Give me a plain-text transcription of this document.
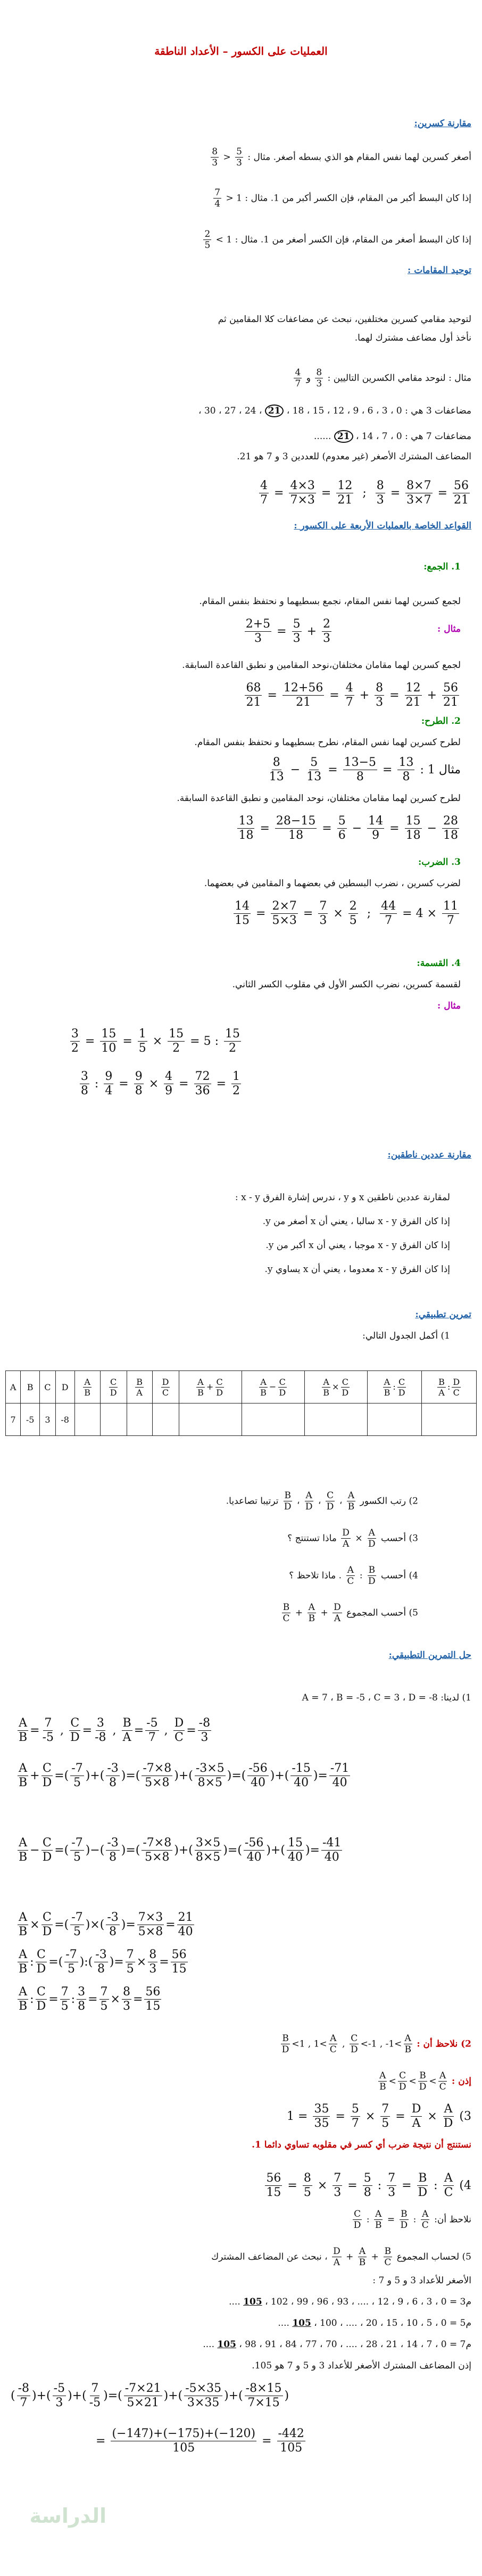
العمليات على الكسور – الأعداد الناطقة
مقارنة كسرين:
أصغر كسرين لهما نفس المقام هو الذي بسطه أصغر. مثال :
$\frac{5}{3}$
<
$\frac{8}{3}$
إذا كان البسط أكبر من المقام، فإن الكسر أكبر من 1. مثال : 1 <
$\frac{7}{4}$
إذا كان البسط أصغر من المقام، فإن الكسر أصغر من 1. مثال : 1 >
$\frac{2}{5}$
توحيد المقامات :
لتوحيد مقامي كسرين مختلفين، نبحث عن مضاعفات كلا المقامين ثم
نأخذ أول مضاعف مشترك لهما.
مثال : لنوحد مقامي الكسرين التاليين :
$\frac{8}{3}$
و
$\frac{4}{7}$
مضاعفات 3 هي : 0 ، 3 ، 6 ، 9 ، 12 ، 15 ، 18 ، 21 ، 24 ، 27 ، 30 ،
مضاعفات 7 هي : 0 ، 7 ، 14 ، 21 ......
المضاعف المشترك الأصغر (غير معدوم) للعددين 3 و 7 هو 21.
$\frac{4}{7} = \frac{4\times 3}{7\times 3} = \frac{12}{21}$ ; $\frac{8}{3} = \frac{8\times 7}{3\times 7} = \frac{56}{21}$
القواعد الخاصة بالعمليات الأربعة على الكسور :
1. الجمع:
لجمع كسرين لهما نفس المقام، نجمع بسطيهما و نحتفظ بنفس المقام.
$\frac{2+5}{3} = \frac{5}{3} + \frac{2}{3}$	مثال :
لجمع كسرين لهما مقامان مختلفان،نوحد المقامين و نطبق القاعدة السابقة.
$\frac{68}{21} = \frac{12+56}{21} = \frac{4}{7} + \frac{8}{3} = \frac{12}{21} + \frac{56}{21}$
2. الطرح:
لطرح كسرين لهما نفس المقام، نطرح بسطيهما و نحتفظ بنفس المقام.
$\frac{8}{13} - \frac{5}{13} = \frac{13-5}{8} = \frac{13}{8}$ : 1 مثال
لطرح كسرين لهما مقامان مختلفان، نوحد المقامين و نطبق القاعدة السابقة.
$\frac{13}{18} = \frac{28-15}{18} = \frac{5}{6} - \frac{14}{9} = \frac{15}{18} - \frac{28}{18}$
3. الضرب:
لضرب كسرين ، نضرب البسطين في بعضهما و المقامين في بعضهما.
$\frac{14}{15} = \frac{2\times 7}{5\times 3} = \frac{7}{3} \times \frac{2}{5}$ ; $\frac{44}{7} = 4 \times \frac{11}{7}$
4. القسمة:
لقسمة كسرين، نضرب الكسر الأول في مقلوب الكسر الثاني.
مثال :
$\frac{3}{2} = \frac{15}{10} = \frac{1}{5} \times \frac{15}{2} = 5$ : $\frac{15}{2}$
$\frac{3}{8}$ : $\frac{9}{4} = \frac{9}{8} \times \frac{4}{9} = \frac{72}{36} = \frac{1}{2}$
مقارنة عددين ناطقين:
لمقارنة عددين ناطقين x و y ، ندرس إشارة الفرق x - y :
إذا كان الفرق x - y سالبا ، يعني أن x أصغر من y.
إذا كان الفرق x - y موجبا ، يعني أن x أكبر من y.
إذا كان الفرق x - y معدوما ، يعني أن x يساوي y.
تمرين تطبيقي:
1) أكمل الجدول التالي:
A	B	C	D	$\frac{A}{B}$	$\frac{C}{D}$	$\frac{B}{A}$	$\frac{D}{C}$	$\frac{A}{B} + \frac{C}{D}$	$\frac{A}{B} - \frac{C}{D}$	$\frac{A}{B} \times \frac{C}{D}$	$\frac{A}{B}$ : $\frac{C}{D}$	$\frac{B}{A}$ : $\frac{D}{C}$

7	-5	3	-8									
2) رتب الكسور
$\frac{A}{B}$
،
$\frac{C}{D}$
،
$\frac{A}{D}$
،
$\frac{B}{D}$
ترتيبا تصاعديا.
3) أحسب
$\frac{A}{D}$
×
$\frac{D}{A}$
ماذا تستنتج ؟
4) أحسب
$\frac{B}{D}$
:
$\frac{A}{C}$
. ماذا تلاحظ ؟
5) أحسب المجموع
$\frac{D}{A}$
+
$\frac{A}{B}$
+
$\frac{B}{C}$
حل التمرين التطبيقي:
1) لدينا: A = 7 ، B = -5 ، C = 3 ، D = -8
$\frac{A}{B} = \frac{7}{-5}$ , $\frac{C}{D} = \frac{3}{-8}$ , $\frac{B}{A} = \frac{-5}{7}$ , $\frac{D}{C} = \frac{-8}{3}$
$\frac{A}{B} + \frac{C}{D}$ =( $\frac{-7}{5}$ )+( $\frac{-3}{8}$ )=( $\frac{-7\times 8}{5\times 8}$ )+( $\frac{-3\times 5}{8\times 5}$ )=( $\frac{-56}{40}$ )+( $\frac{-15}{40}$ )= $\frac{-71}{40}$
$\frac{A}{B} - \frac{C}{D}$ =( $\frac{-7}{5}$ )−( $\frac{-3}{8}$ )=( $\frac{-7\times 8}{5\times 8}$ )+( $\frac{3\times 5}{8\times 5}$ )=( $\frac{-56}{40}$ )+( $\frac{15}{40}$ )= $\frac{-41}{40}$
$\frac{A}{B} \times \frac{C}{D}$ =( $\frac{-7}{5}$ )×( $\frac{-3}{8}$ )= $\frac{7\times 3}{5\times 8} = \frac{21}{40}$
$\frac{A}{B}$ : $\frac{C}{D}$ =( $\frac{-7}{5}$ ):( $\frac{-3}{8}$ )= $\frac{7}{5} \times \frac{8}{3} = \frac{56}{15}$
$\frac{A}{B}$ : $\frac{C}{D} = \frac{7}{5}$ : $\frac{3}{8} = \frac{7}{5} \times \frac{8}{3} = \frac{56}{15}$
2) نلاحظ أن :
$\frac{B}{D} <1$ , $1< \frac{A}{C}$ , $\frac{C}{D} <-1$ , $-1< \frac{A}{B}$
إذن :
$\frac{A}{B} < \frac{C}{D} < \frac{B}{D} < \frac{A}{C}$
$1 = \frac{35}{35} = \frac{5}{7} \times \frac{7}{5} = \frac{D}{A} \times \frac{A}{D} (3$
نستنتج أن نتيجة ضرب أي كسر في مقلوبه تساوي دائما 1.
$\frac{56}{15} = \frac{8}{5} \times \frac{7}{3} = \frac{5}{8}$ : $\frac{7}{3} = \frac{B}{D}$ : $\frac{A}{C} (4$
نلاحظ أن:
$\frac{C}{D}$ : $\frac{A}{B} = \frac{B}{D}$ : $\frac{A}{C}$
5) لحساب المجموع
$\frac{D}{A} + \frac{A}{B} + \frac{B}{C}$
، نبحث عن المضاعف المشترك
الأصغر للأعداد 3 و 5 و 7 :
م3 = 0 ، 3 ، 6 ، 9 ، 12 ، .... ، 93 ، 96 ، 99 ، 102 ، 105 ....
م5 = 0 ، 5 ، 10 ، 15 ، 20 ، .... ، 100 ، 105 ....
م7 = 0 ، 7 ، 14 ، 21 ، 28 ، .... ، 70 ، 77 ، 84 ، 91 ، 98 ، 105 ....
إذن المضاعف المشترك الأصغر للأعداد 3 و 5 و 7 هو 105.
( $\frac{-8}{7}$ )+( $\frac{-5}{3}$ )+( $\frac{7}{-5}$ )=( $\frac{-7\times 21}{5\times 21}$ )+( $\frac{-5\times 35}{3\times 35}$ )+( $\frac{-8\times 15}{7\times 15}$ )
= $\frac{(-147)+(-175)+(-120)}{105} = \frac{-442}{105}$
الدراسة
